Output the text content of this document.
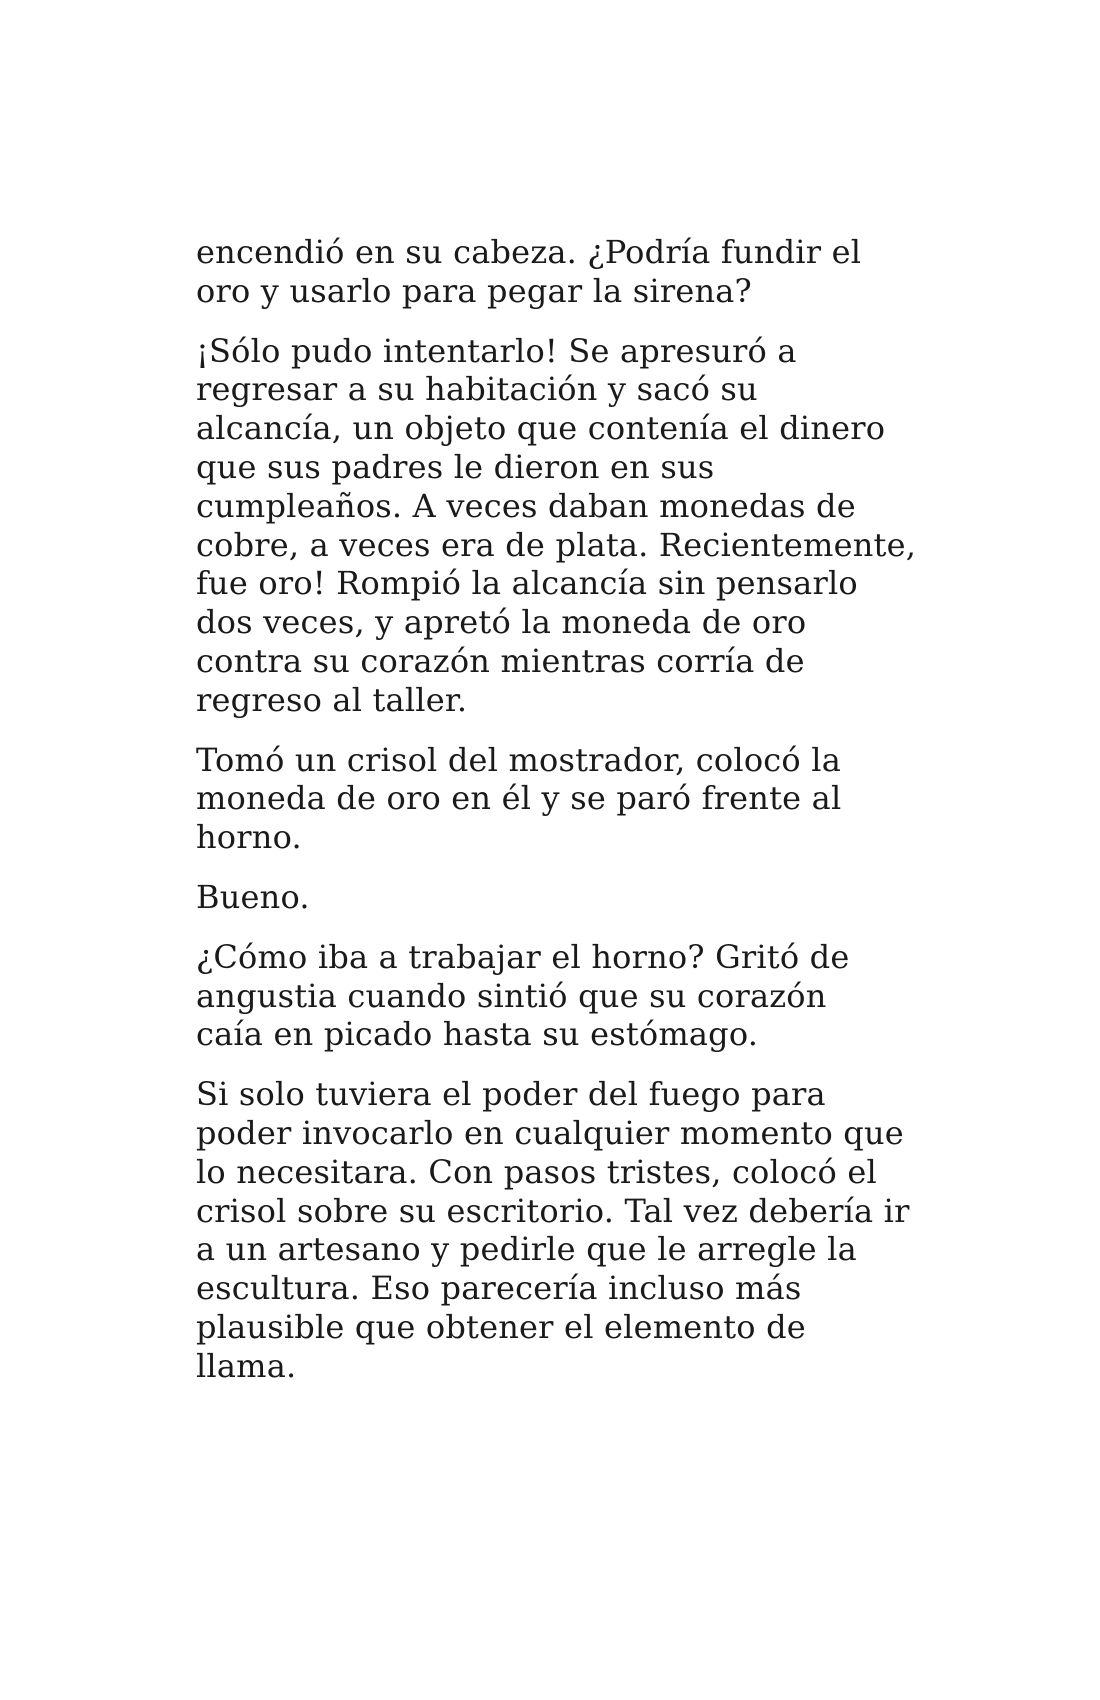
encendió en su cabeza. ¿Podría fundir el
oro y usarlo para pegar la sirena?

¡Sólo pudo intentarlo! Se apresuró a
regresar a su habitación y sacó su
alcancía, un objeto que contenía el dinero
que sus padres le dieron en sus
cumpleaños. A veces daban monedas de
cobre, a veces era de plata. Recientemente,
fue oro! Rompió la alcancía sin pensarlo
dos veces, y apretó la moneda de oro
contra su corazón mientras corría de
regreso al taller.

Tomó un crisol del mostrador, colocó la
moneda de oro en él y se paró frente al
horno.

Bueno.

¿Cómo iba a trabajar el horno? Gritó de
angustia cuando sintió que su corazón
caía en picado hasta su estómago.

Si solo tuviera el poder del fuego para
poder invocarlo en cualquier momento que
lo necesitara. Con pasos tristes, colocó el
crisol sobre su escritorio. Tal vez debería ir
a un artesano y pedirle que le arregle la
escultura. Eso parecería incluso más
plausible que obtener el elemento de
llama.
